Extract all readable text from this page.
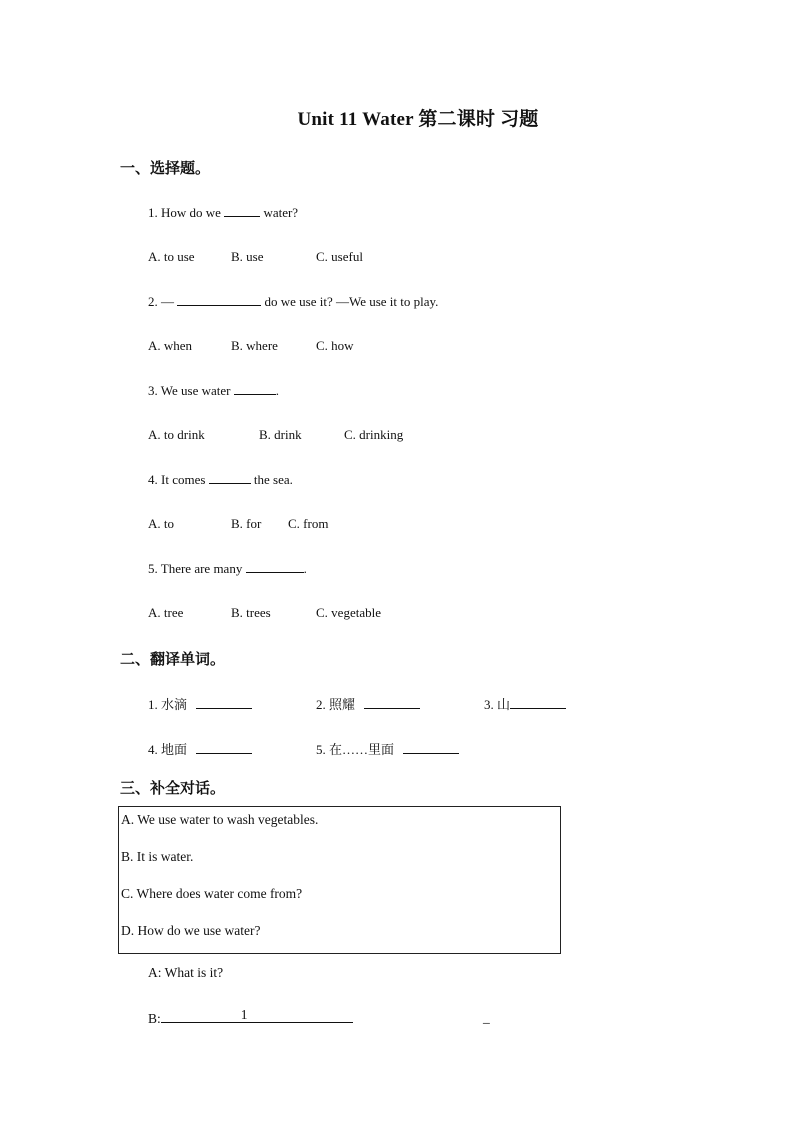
Unit 11 Water 第二课时 习题
一、选择题。
1. How do we	water?
A. to use	B. use	C. useful
2. —	do we use it? —We use it to play.
A. when	B. where	C. how
3. We use water	.
A. to drink	B. drink	C. drinking
4. It comes	the sea.
A. to	B. for C. from
5. There are many	.
A. tree	B. trees	C. vegetable
二、翻译单词。
1. 水滴	2. 照耀	3. 山
4. 地面	5. 在……里面
三、补全对话。
A. We use water to wash vegetables.
B. It is water.
C. Where does water come from?
D. How do we use water?
A: What is it?
B:	1	_
